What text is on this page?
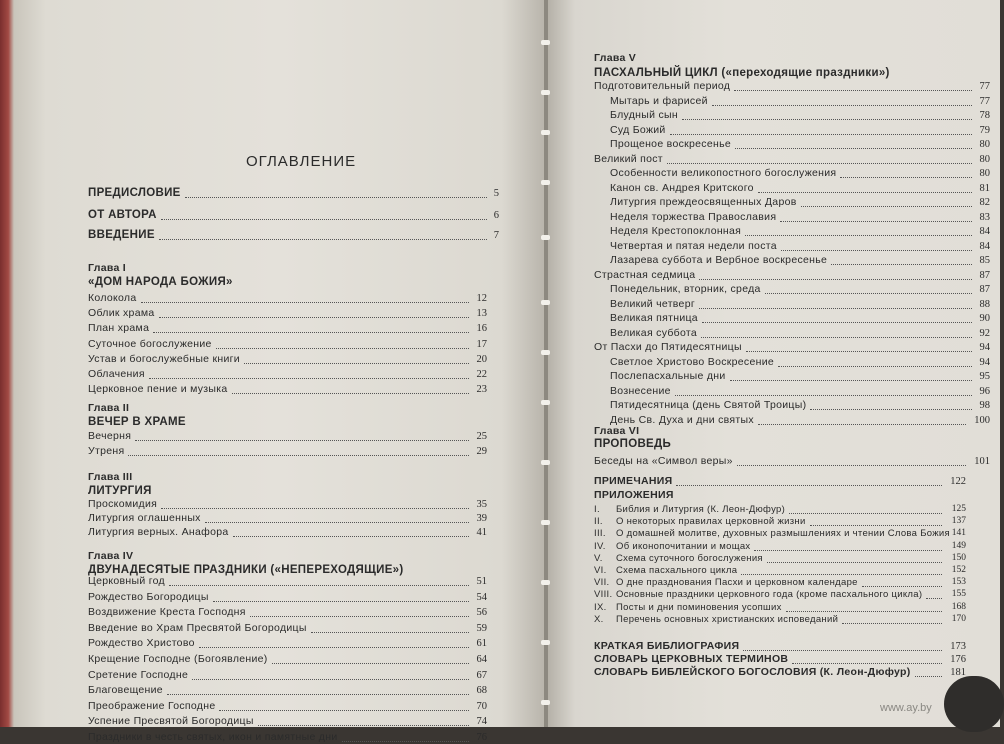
ОГЛАВЛЕНИЕ
ПРЕДИСЛОВИЕ	5
ОТ АВТОРА	6
ВВЕДЕНИЕ	7
Глава I
«ДОМ НАРОДА БОЖИЯ»
Колокола	12
Облик храма	13
План храма	16
Суточное богослужение	17
Устав и богослужебные книги	20
Облачения	22
Церковное пение и музыка	23
Глава II
ВЕЧЕР В ХРАМЕ
Вечерня	25
Утреня	29
Глава III
ЛИТУРГИЯ
Проскомидия	35
Литургия оглашенных	39
Литургия верных. Анафора	41
Глава IV
ДВУНАДЕСЯТЫЕ ПРАЗДНИКИ («НЕПЕРЕХОДЯЩИЕ»)
Церковный год	51
Рождество Богородицы	54
Воздвижение Креста Господня	56
Введение во Храм Пресвятой Богородицы	59
Рождество Христово	61
Крещение Господне (Богоявление)	64
Сретение Господне	67
Благовещение	68
Преображение Господне	70
Успение Пресвятой Богородицы	74
Праздники в честь святых, икон и памятные дни	76
Глава V
ПАСХАЛЬНЫЙ ЦИКЛ («переходящие праздники»)
Подготовительный период	77
Мытарь и фарисей	77
Блудный сын	78
Суд Божий	79
Прощеное воскресенье	80
Великий пост	80
Особенности великопостного богослужения	80
Канон св. Андрея Критского	81
Литургия преждеосвященных Даров	82
Неделя торжества Православия	83
Неделя Крестопоклонная	84
Четвертая и пятая недели поста	84
Лазарева суббота и Вербное воскресенье	85
Страстная седмица	87
Понедельник, вторник, среда	87
Великий четверг	88
Великая пятница	90
Великая суббота	92
От Пасхи до Пятидесятницы	94
Светлое Христово Воскресение	94
Послепасхальные дни	95
Вознесение	96
Пятидесятница (день Святой Троицы)	98
День Св. Духа и дни святых	100
Глава VI
ПРОПОВЕДЬ
Беседы на «Символ веры»	101
ПРИМЕЧАНИЯ	122
ПРИЛОЖЕНИЯ
I. Библия и Литургия (К. Леон-Дюфур)	125
II. О некоторых правилах церковной жизни	137
III. О домашней молитве, духовных размышлениях и чтении Слова Божия 141
IV. Об иконопочитании и мощах	149
V. Схема суточного богослужения	150
VI. Схема пасхального цикла	152
VII. О дне празднования Пасхи и церковном календаре	153
VIII. Основные праздники церковного года (кроме пасхального цикла)	155
IX. Посты и дни поминовения усопших	168
X. Перечень основных христианских исповеданий	170
КРАТКАЯ БИБЛИОГРАФИЯ	173
СЛОВАРЬ ЦЕРКОВНЫХ ТЕРМИНОВ	176
СЛОВАРЬ БИБЛЕЙСКОГО БОГОСЛОВИЯ (К. Леон-Дюфур)	181
www.ay.by
